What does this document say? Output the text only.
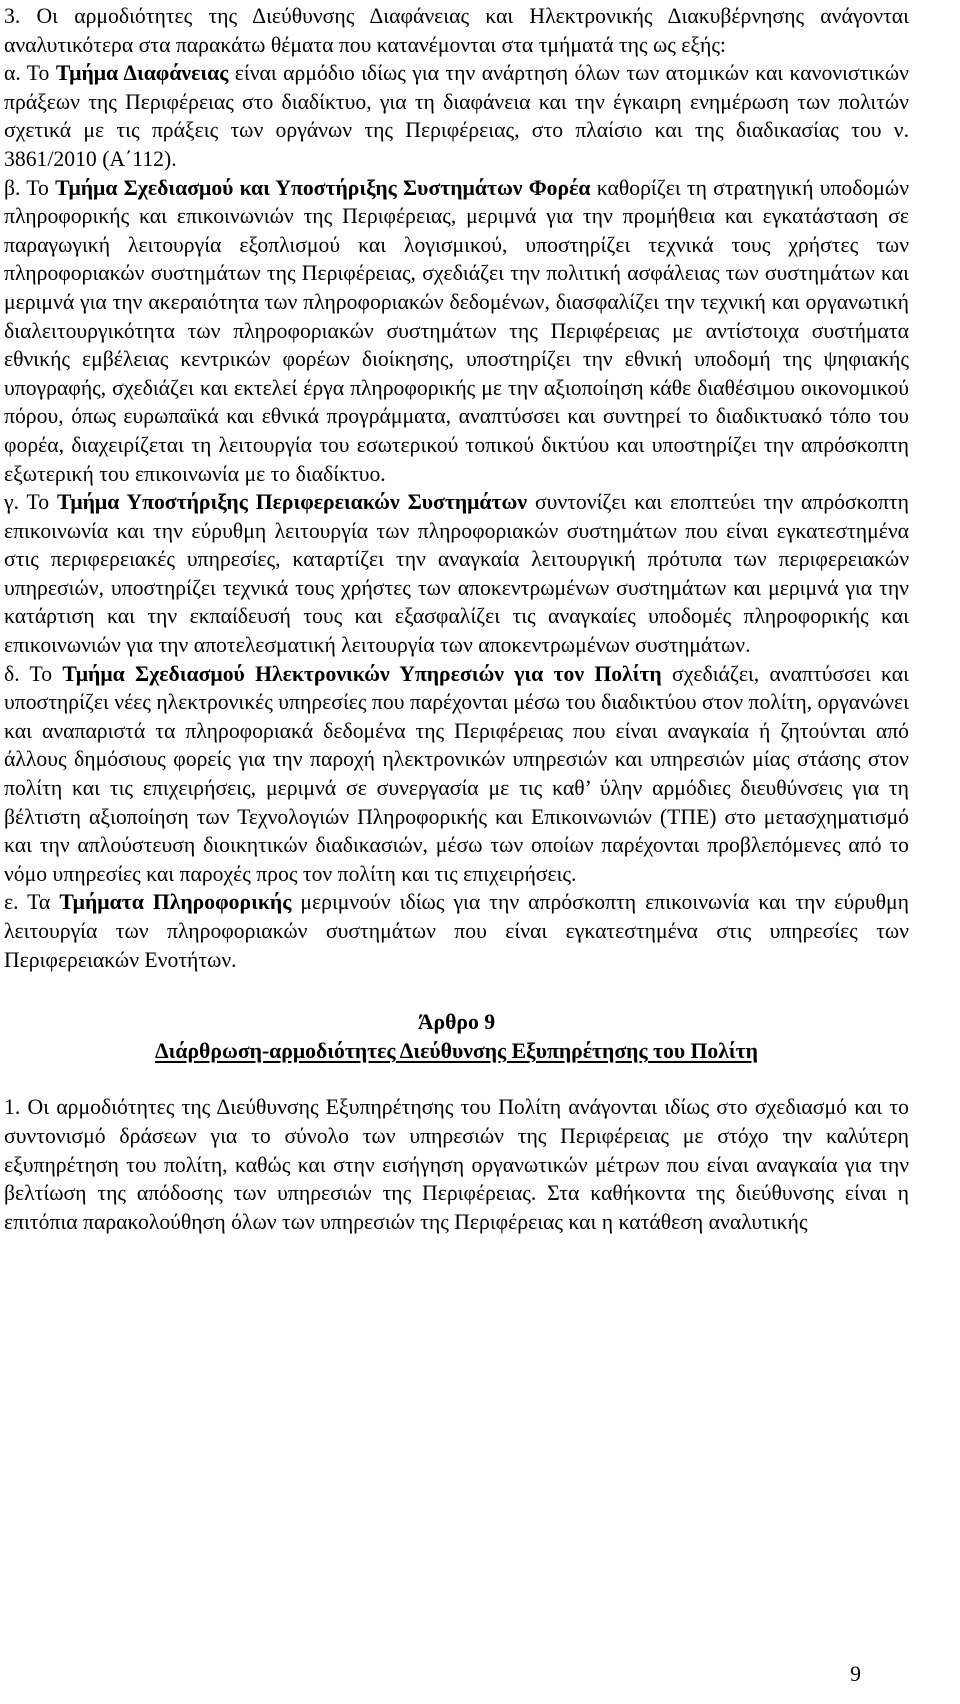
3. Οι αρμοδιότητες της Διεύθυνσης Διαφάνειας και Ηλεκτρονικής Διακυβέρνησης ανάγονται αναλυτικότερα στα παρακάτω θέματα που κατανέμονται στα τμήματά της ως εξής:

α. Το Τμήμα Διαφάνειας είναι αρμόδιο ιδίως για την ανάρτηση όλων των ατομικών και κανονιστικών πράξεων της Περιφέρειας στο διαδίκτυο, για τη διαφάνεια και την έγκαιρη ενημέρωση των πολιτών σχετικά με τις πράξεις των οργάνων της Περιφέρειας, στο πλαίσιο και της διαδικασίας του ν. 3861/2010 (Α΄112).

β. Το Τμήμα Σχεδιασμού και Υποστήριξης Συστημάτων Φορέα καθορίζει τη στρατηγική υποδομών πληροφορικής και επικοινωνιών της Περιφέρειας, μεριμνά για την προμήθεια και εγκατάσταση σε παραγωγική λειτουργία εξοπλισμού και λογισμικού, υποστηρίζει τεχνικά τους χρήστες των πληροφοριακών συστημάτων της Περιφέρειας, σχεδιάζει την πολιτική ασφάλειας των συστημάτων και μεριμνά για την ακεραιότητα των πληροφοριακών δεδομένων, διασφαλίζει την τεχνική και οργανωτική διαλειτουργικότητα των πληροφοριακών συστημάτων της Περιφέρειας με αντίστοιχα συστήματα εθνικής εμβέλειας κεντρικών φορέων διοίκησης, υποστηρίζει την εθνική υποδομή της ψηφιακής υπογραφής, σχεδιάζει και εκτελεί έργα πληροφορικής με την αξιοποίηση κάθε διαθέσιμου οικονομικού πόρου, όπως ευρωπαϊκά και εθνικά προγράμματα, αναπτύσσει και συντηρεί το διαδικτυακό τόπο του φορέα, διαχειρίζεται τη λειτουργία του εσωτερικού τοπικού δικτύου και υποστηρίζει την απρόσκοπτη εξωτερική του επικοινωνία με το διαδίκτυο.

γ. Το Τμήμα Υποστήριξης Περιφερειακών Συστημάτων συντονίζει και εποπτεύει την απρόσκοπτη επικοινωνία και την εύρυθμη λειτουργία των πληροφοριακών συστημάτων που είναι εγκατεστημένα στις περιφερειακές υπηρεσίες, καταρτίζει την αναγκαία λειτουργική πρότυπα των περιφερειακών υπηρεσιών, υποστηρίζει τεχνικά τους χρήστες των αποκεντρωμένων συστημάτων και μεριμνά για την κατάρτιση και την εκπαίδευσή τους και εξασφαλίζει τις αναγκαίες υποδομές πληροφορικής και επικοινωνιών για την αποτελεσματική λειτουργία των αποκεντρωμένων συστημάτων.

δ. Το Τμήμα Σχεδιασμού Ηλεκτρονικών Υπηρεσιών για τον Πολίτη σχεδιάζει, αναπτύσσει και υποστηρίζει νέες ηλεκτρονικές υπηρεσίες που παρέχονται μέσω του διαδικτύου στον πολίτη, οργανώνει και αναπαριστά τα πληροφοριακά δεδομένα της Περιφέρειας που είναι αναγκαία ή ζητούνται από άλλους δημόσιους φορείς για την παροχή ηλεκτρονικών υπηρεσιών και υπηρεσιών μίας στάσης στον πολίτη και τις επιχειρήσεις, μεριμνά σε συνεργασία με τις καθ’ ύλην αρμόδιες διευθύνσεις για τη βέλτιστη αξιοποίηση των Τεχνολογιών Πληροφορικής και Επικοινωνιών (ΤΠΕ) στο μετασχηματισμό και την απλούστευση διοικητικών διαδικασιών, μέσω των οποίων παρέχονται προβλεπόμενες από το νόμο υπηρεσίες και παροχές προς τον πολίτη και τις επιχειρήσεις.

ε. Τα Τμήματα Πληροφορικής μεριμνούν ιδίως για την απρόσκοπτη επικοινωνία και την εύρυθμη λειτουργία των πληροφοριακών συστημάτων που είναι εγκατεστημένα στις υπηρεσίες των Περιφερειακών Ενοτήτων.

Άρθρο 9

Διάρθρωση-αρμοδιότητες Διεύθυνσης Εξυπηρέτησης του Πολίτη

1. Οι αρμοδιότητες της Διεύθυνσης Εξυπηρέτησης του Πολίτη ανάγονται ιδίως στο σχεδιασμό και το συντονισμό δράσεων για το σύνολο των υπηρεσιών της Περιφέρειας με στόχο την καλύτερη εξυπηρέτηση του πολίτη, καθώς και στην εισήγηση οργανωτικών μέτρων που είναι αναγκαία για την βελτίωση της απόδοσης των υπηρεσιών της Περιφέρειας. Στα καθήκοντα της διεύθυνσης είναι η επιτόπια παρακολούθηση όλων των υπηρεσιών της Περιφέρειας και η κατάθεση αναλυτικής

9
